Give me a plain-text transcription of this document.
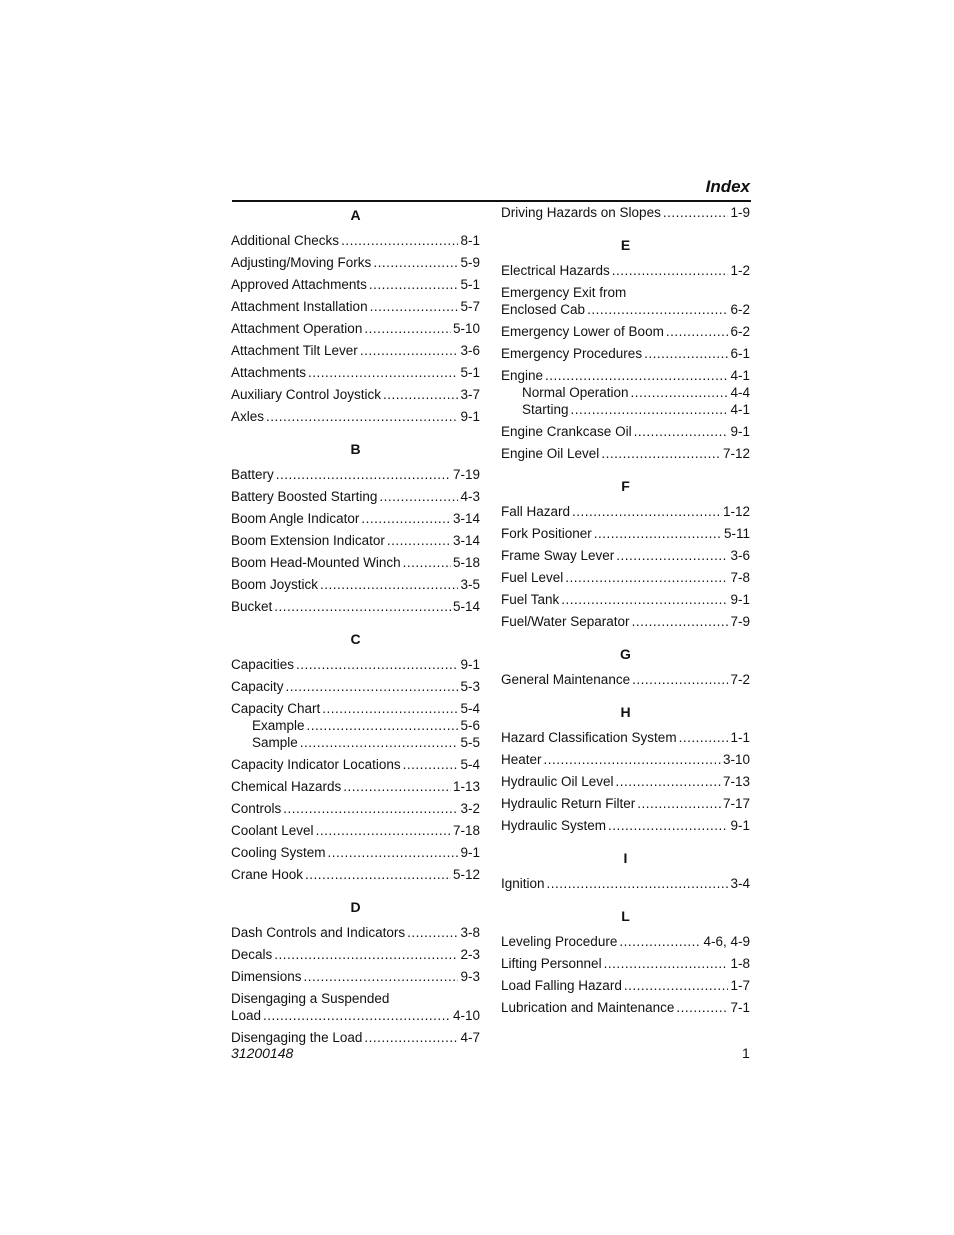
Index
A
Additional Checks .....	8-1
Adjusting/Moving Forks .....	5-9
Approved Attachments .....	5-1
Attachment Installation .....	5-7
Attachment Operation .....	5-10
Attachment Tilt Lever .....	3-6
Attachments .....	5-1
Auxiliary Control Joystick .....	3-7
Axles .....	9-1
B
Battery .....	7-19
Battery Boosted Starting .....	4-3
Boom Angle Indicator .....	3-14
Boom Extension Indicator .....	3-14
Boom Head-Mounted Winch .....	5-18
Boom Joystick .....	3-5
Bucket .....	5-14
C
Capacities .....	9-1
Capacity .....	5-3
Capacity Chart .....	5-4
Example .....	5-6
Sample .....	5-5
Capacity Indicator Locations .....	5-4
Chemical Hazards .....	1-13
Controls .....	3-2
Coolant Level .....	7-18
Cooling System .....	9-1
Crane Hook .....	5-12
D
Dash Controls and Indicators .....	3-8
Decals .....	2-3
Dimensions .....	9-3
Disengaging a Suspended
Load .....	4-10
Disengaging the Load .....	4-7
Driving Hazards on Slopes .....	1-9
E
Electrical Hazards .....	1-2
Emergency Exit from
Enclosed Cab .....	6-2
Emergency Lower of Boom .....	6-2
Emergency Procedures .....	6-1
Engine .....	4-1
Normal Operation .....	4-4
Starting .....	4-1
Engine Crankcase Oil .....	9-1
Engine Oil Level .....	7-12
F
Fall Hazard .....	1-12
Fork Positioner .....	5-11
Frame Sway Lever .....	3-6
Fuel Level .....	7-8
Fuel Tank .....	9-1
Fuel/Water Separator .....	7-9
G
General Maintenance .....	7-2
H
Hazard Classification System .....	1-1
Heater .....	3-10
Hydraulic Oil Level .....	7-13
Hydraulic Return Filter .....	7-17
Hydraulic System .....	9-1
I
Ignition .....	3-4
L
Leveling Procedure .....	4-6, 4-9
Lifting Personnel .....	1-8
Load Falling Hazard .....	1-7
Lubrication and Maintenance .....	7-1
31200148	1
